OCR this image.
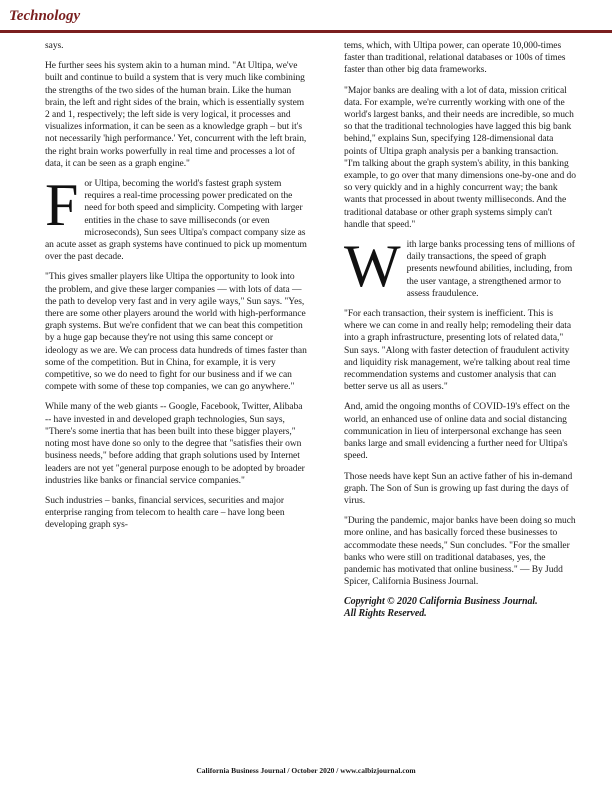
Technology

says.

He further sees his system akin to a human mind. "At Ultipa, we've built and continue to build a system that is very much like combining the strengths of the two sides of the human brain. Like the human brain, the left and right sides of the brain, which is essentially system 2 and 1, respectively; the left side is very logical, it processes and visualizes information, it can be seen as a knowledge graph – but it's not necessarily 'high performance.' Yet, concurrent with the left brain, the right brain works powerfully in real time and processes a lot of data, it can be seen as a graph engine."

For Ultipa, becoming the world's fastest graph system requires a real-time processing power predicated on the need for both speed and simplicity. Competing with larger entities in the chase to save milliseconds (or even microseconds), Sun sees Ultipa's compact company size as an acute asset as graph systems have continued to pick up momentum over the past decade.

"This gives smaller players like Ultipa the opportunity to look into the problem, and give these larger companies — with lots of data — the path to develop very fast and in very agile ways," Sun says. "Yes, there are some other players around the world with high-performance graph systems. But we're confident that we can beat this competition by a huge gap because they're not using this same concept or ideology as we are. We can process data hundreds of times faster than some of the competition. But in China, for example, it is very competitive, so we do need to fight for our business and if we can compete with some of these top companies, we can go anywhere."

While many of the web giants -- Google, Facebook, Twitter, Alibaba -- have invested in and developed graph technologies, Sun says, "There's some inertia that has been built into these bigger players," noting most have done so only to the degree that "satisfies their own business needs," before adding that graph solutions used by Internet leaders are not yet "general purpose enough to be adopted by broader industries like banks or financial service companies."

Such industries – banks, financial services, securities and major enterprise ranging from telecom to health care – have long been developing graph sys-

tems, which, with Ultipa power, can operate 10,000-times faster than traditional, relational databases or 100s of times faster than other big data frameworks.

"Major banks are dealing with a lot of data, mission critical data. For example, we're currently working with one of the world's largest banks, and their needs are incredible, so much so that the traditional technologies have lagged this big bank behind," explains Sun, specifying 128-dimensional data points of Ultipa graph analysis per a banking transaction. "I'm talking about the graph system's ability, in this banking example, to go over that many dimensions one-by-one and do so very quickly and in a highly concurrent way; the bank wants that processed in about twenty milliseconds. And the traditional database or other graph systems simply can't handle that speed."

With large banks processing tens of millions of daily transactions, the speed of graph presents newfound abilities, including, from the user vantage, a strengthened armor to assess fraudulence.

"For each transaction, their system is inefficient. This is where we can come in and really help; remodeling their data into a graph infrastructure, presenting lots of related data," Sun says. "Along with faster detection of fraudulent activity and liquidity risk management, we're talking about real time recommendation systems and customer analysis that can better serve us all as users."

And, amid the ongoing months of COVID-19's effect on the world, an enhanced use of online data and social distancing communication in lieu of interpersonal exchange has seen banks large and small evidencing a further need for Ultipa's speed.

Those needs have kept Sun an active father of his in-demand graph. The Son of Sun is growing up fast during the days of virus.

"During the pandemic, major banks have been doing so much more online, and has basically forced these businesses to accommodate these needs," Sun concludes. "For the smaller banks who were still on traditional databases, yes, the pandemic has motivated that online business." — By Judd Spicer, California Business Journal.

Copyright © 2020 California Business Journal.
All Rights Reserved.
California Business Journal / October 2020 / www.calbizjournal.com
